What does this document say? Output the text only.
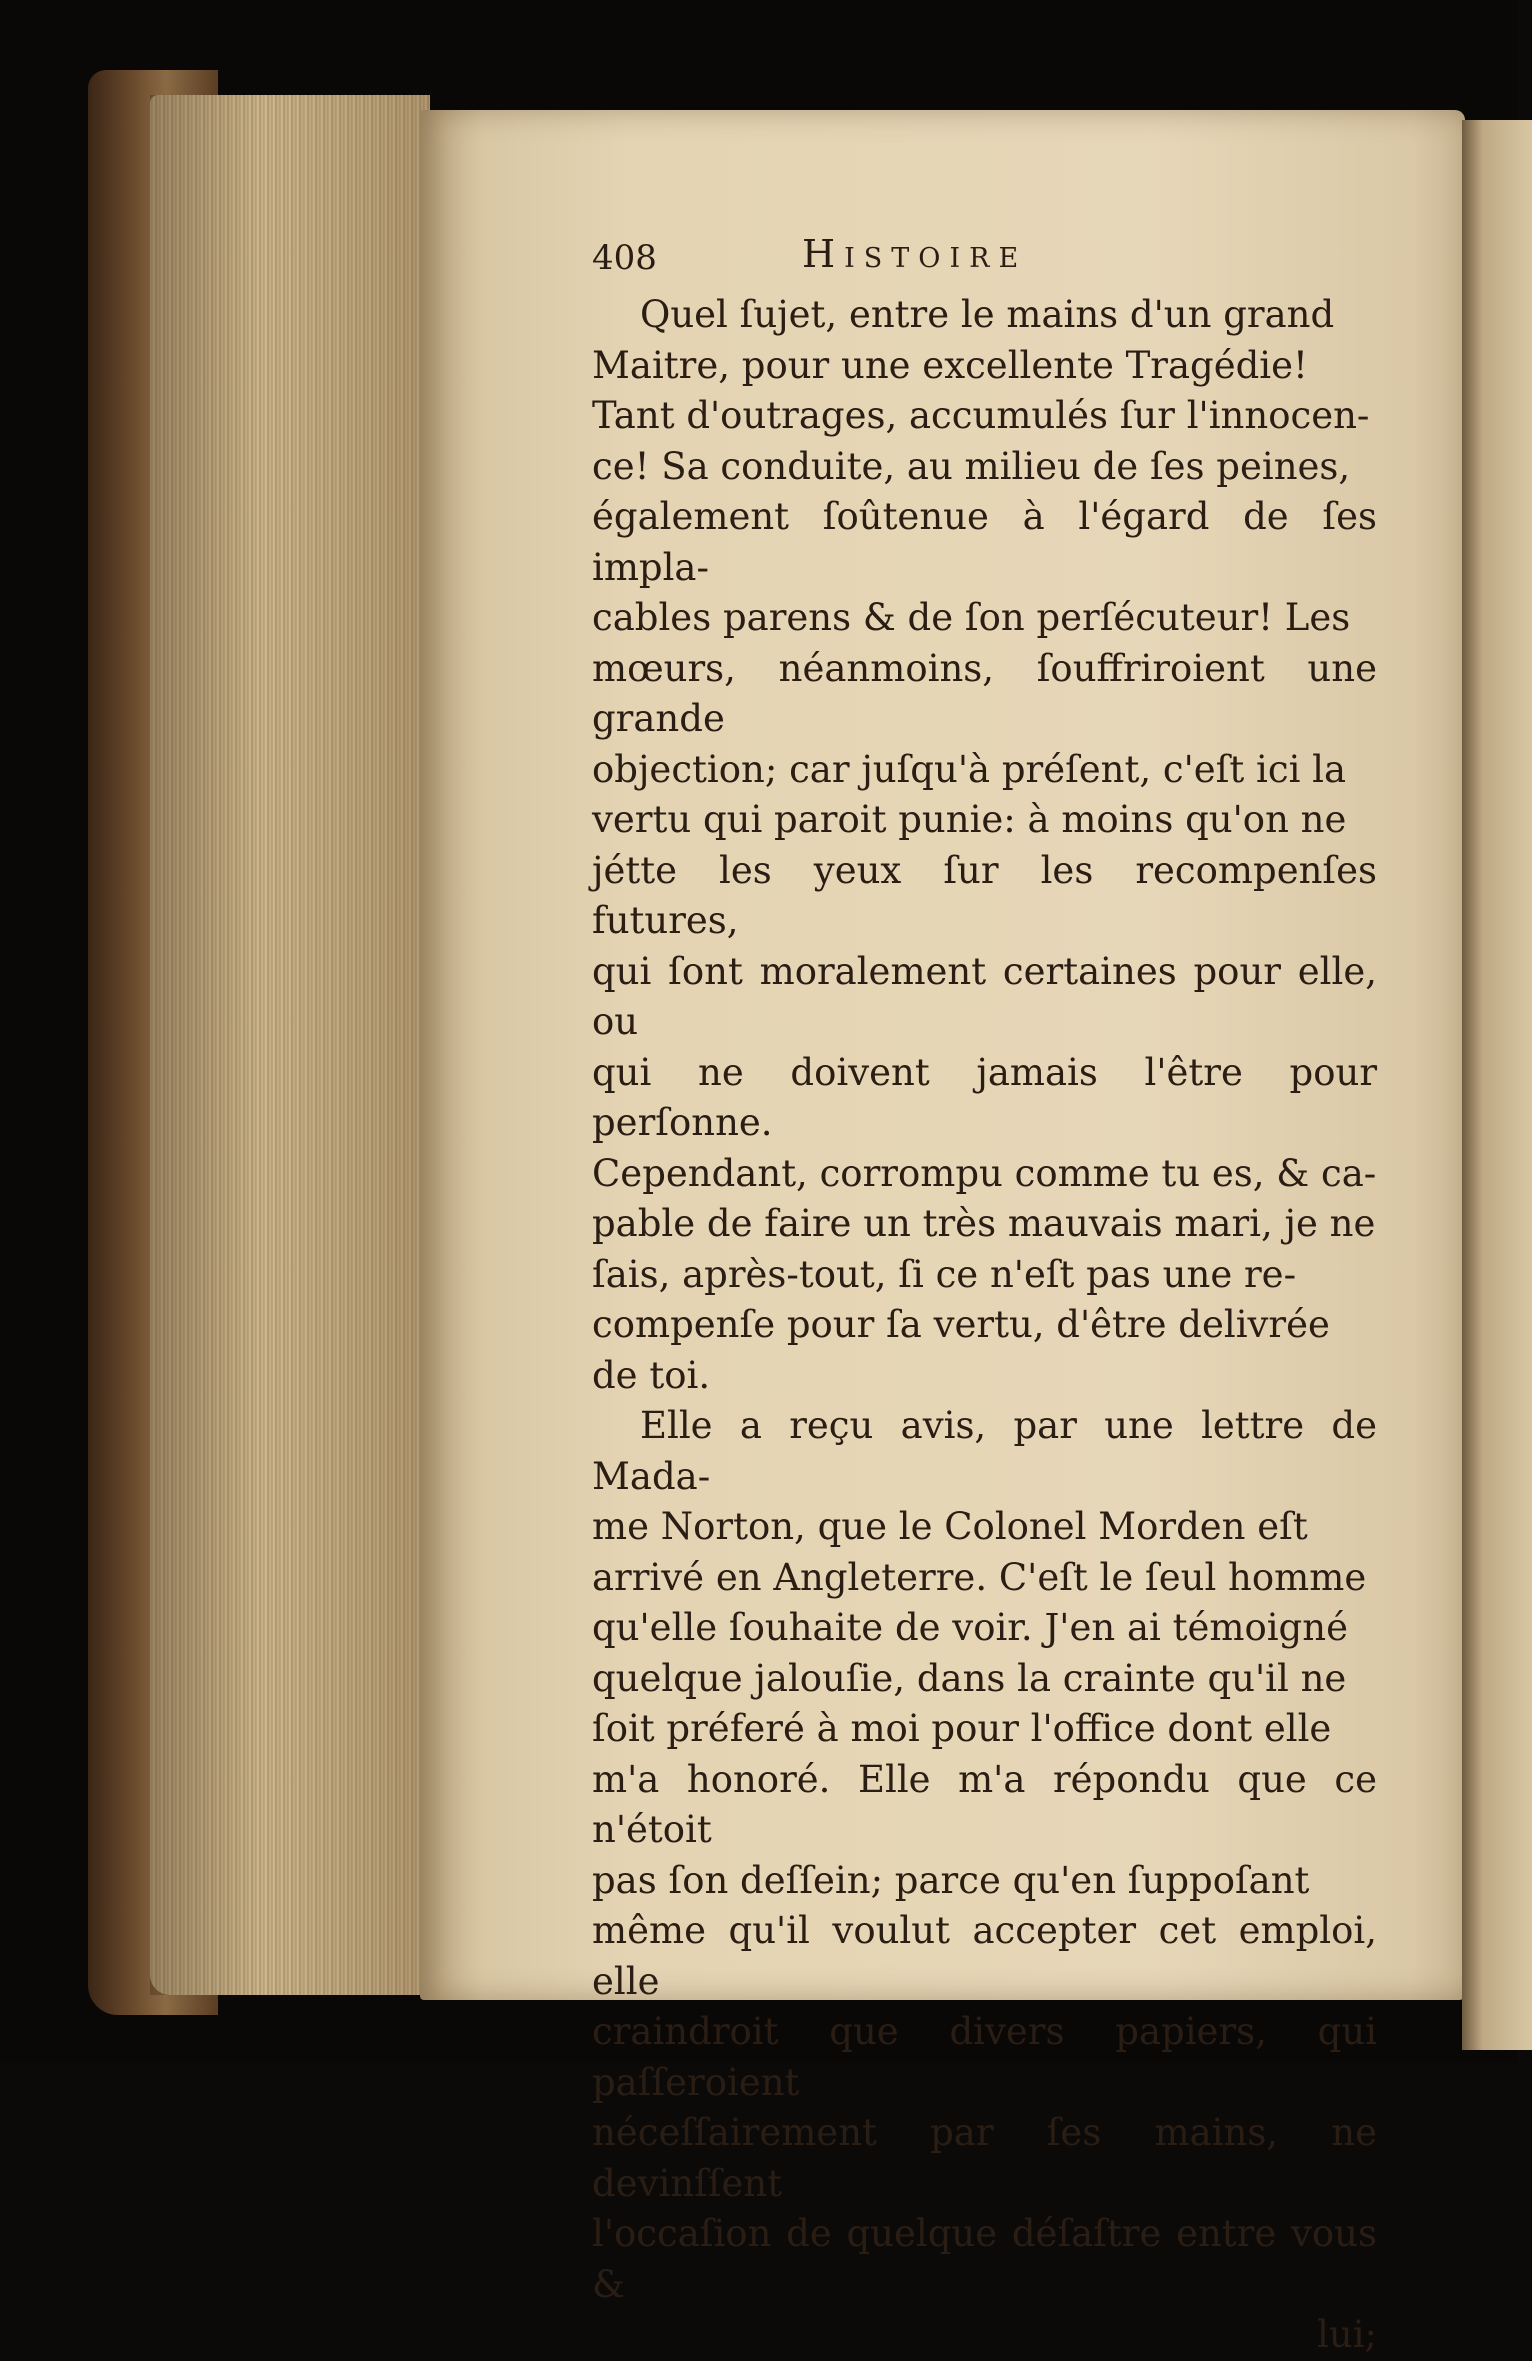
408	Histoire

Quel ſujet, entre le mains d'un grand
Maitre, pour une excellente Tragédie!
Tant d'outrages, accumulés ſur l'innocen-
ce! Sa conduite, au milieu de ſes peines,
également ſoûtenue à l'égard de ſes impla-
cables parens & de ſon perſécuteur! Les
mœurs, néanmoins, ſouffriroient une grande
objection; car juſqu'à préſent, c'eſt ici la
vertu qui paroit punie: à moins qu'on ne
jétte les yeux ſur les recompenſes futures,
qui ſont moralement certaines pour elle, ou
qui ne doivent jamais l'être pour perſonne.
Cependant, corrompu comme tu es, & ca-
pable de faire un très mauvais mari, je ne
ſais, après-tout, ſi ce n'eſt pas une re-
compenſe pour ſa vertu, d'être delivrée
de toi.

Elle a reçu avis, par une lettre de Mada-
me Norton, que le Colonel Morden eſt
arrivé en Angleterre. C'eſt le ſeul homme
qu'elle ſouhaite de voir. J'en ai témoigné
quelque jalouſie, dans la crainte qu'il ne
ſoit préferé à moi pour l'office dont elle
m'a honoré. Elle m'a répondu que ce n'étoit
pas ſon deſſein; parce qu'en ſuppoſant
même qu'il voulut accepter cet emploi, elle
craindroit que divers papiers, qui paſſeroient
néceſſairement par ſes mains, ne devinſſent
l'occaſion de quelque déſaſtre entre vous &

lui;
